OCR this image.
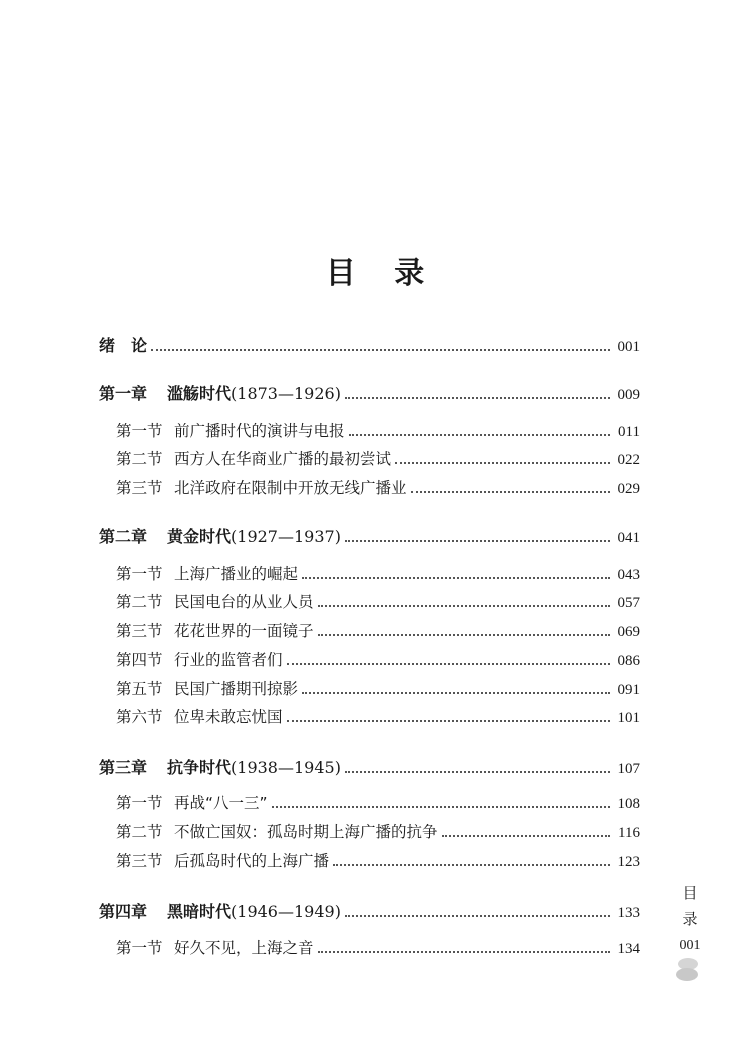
目 录
绪　论	001
第一章	滥觞时代 (1873—1926)	009
第一节 前广播时代的演讲与电报	011
第二节 西方人在华商业广播的最初尝试	022
第三节 北洋政府在限制中开放无线广播业	029
第二章	黄金时代 (1927—1937)	041
第一节 上海广播业的崛起	043
第二节 民国电台的从业人员	057
第三节 花花世界的一面镜子	069
第四节 行业的监管者们	086
第五节 民国广播期刊掠影	091
第六节 位卑未敢忘忧国	101
第三章	抗争时代 (1938—1945)	107
第一节 再战“八一三”	108
第二节 不做亡国奴：孤岛时期上海广播的抗争	116
第三节 后孤岛时代的上海广播	123
第四章	黑暗时代 (1946—1949)	133
第一节 好久不见，上海之音	134
目
录
001
